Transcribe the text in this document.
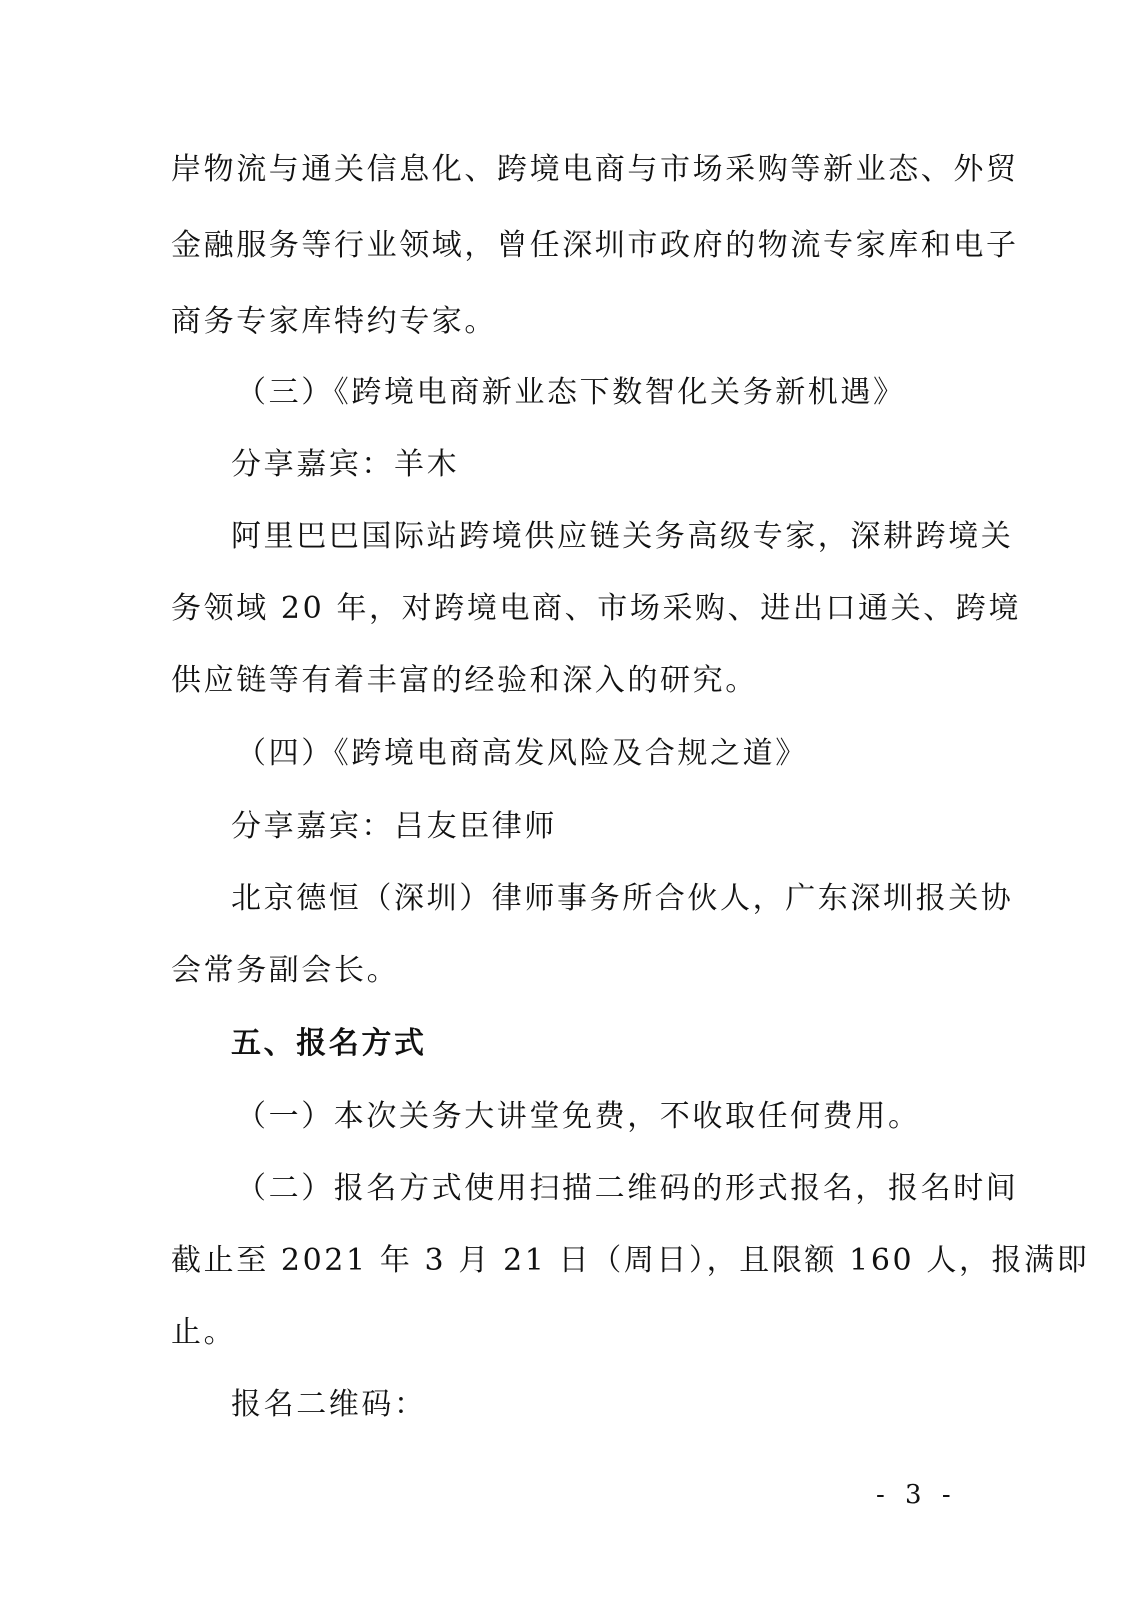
岸物流与通关信息化、跨境电商与市场采购等新业态、外贸
金融服务等行业领域，曾任深圳市政府的物流专家库和电子
商务专家库特约专家。
（三）《跨境电商新业态下数智化关务新机遇》
分享嘉宾：羊木
阿里巴巴国际站跨境供应链关务高级专家，深耕跨境关
务领域 20 年，对跨境电商、市场采购、进出口通关、跨境
供应链等有着丰富的经验和深入的研究。
（四）《跨境电商高发风险及合规之道》
分享嘉宾：吕友臣律师
北京德恒（深圳）律师事务所合伙人，广东深圳报关协
会常务副会长。
五、报名方式
（一）本次关务大讲堂免费，不收取任何费用。
（二）报名方式使用扫描二维码的形式报名，报名时间
截止至 2021 年 3 月 21 日（周日），且限额 160 人，报满即
止。
报名二维码：
- 3 -
